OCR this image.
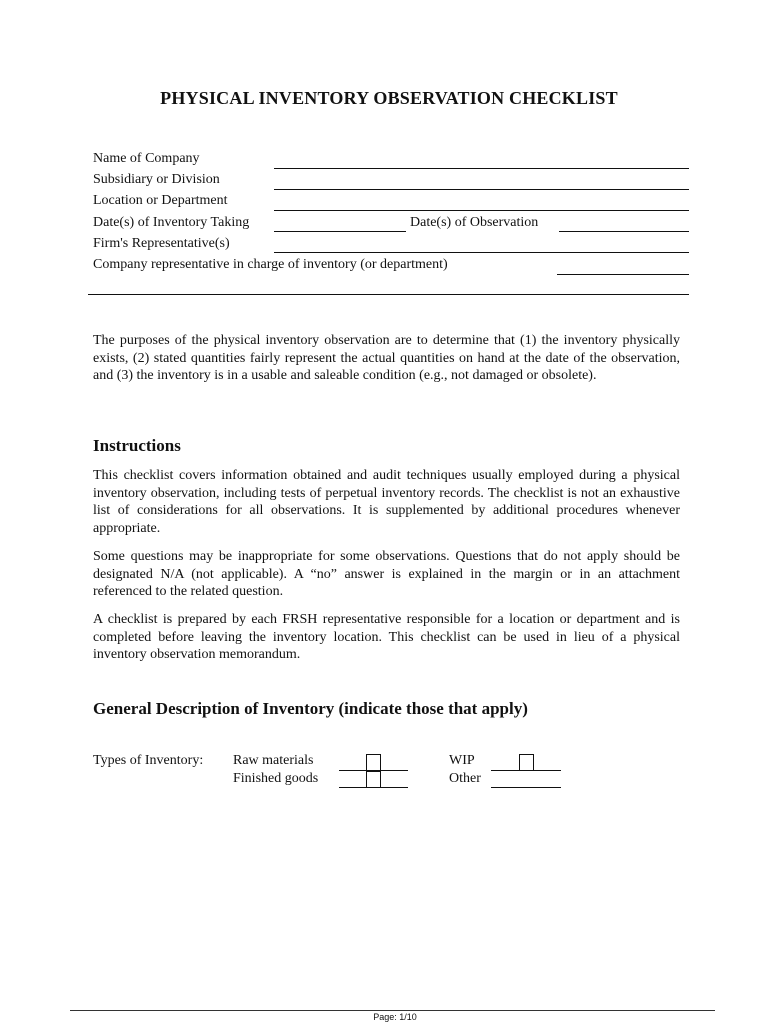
PHYSICAL INVENTORY OBSERVATION CHECKLIST
Name of Company
Subsidiary or Division
Location or Department
Date(s) of Inventory Taking	Date(s) of Observation
Firm's Representative(s)
Company representative in charge of inventory (or department)

The purposes of the physical inventory observation are to determine that (1) the inventory physically exists, (2) stated quantities fairly represent the actual quantities on hand at the date of the observation, and (3) the inventory is in a usable and saleable condition (e.g., not damaged or obsolete).

Instructions

This checklist covers information obtained and audit techniques usually employed during a physical inventory observation, including tests of perpetual inventory records. The checklist is not an exhaustive list of considerations for all observations. It is supplemented by additional procedures whenever appropriate.

Some questions may be inappropriate for some observations. Questions that do not apply should be designated N/A (not applicable). A “no” answer is explained in the margin or in an attachment referenced to the related question.

A checklist is prepared by each FRSH representative responsible for a location or department and is completed before leaving the inventory location. This checklist can be used in lieu of a physical inventory observation memorandum.

General Description of Inventory (indicate those that apply)
Types of Inventory: Raw materials
Finished goods
WIP
Other
Page: 1/10
